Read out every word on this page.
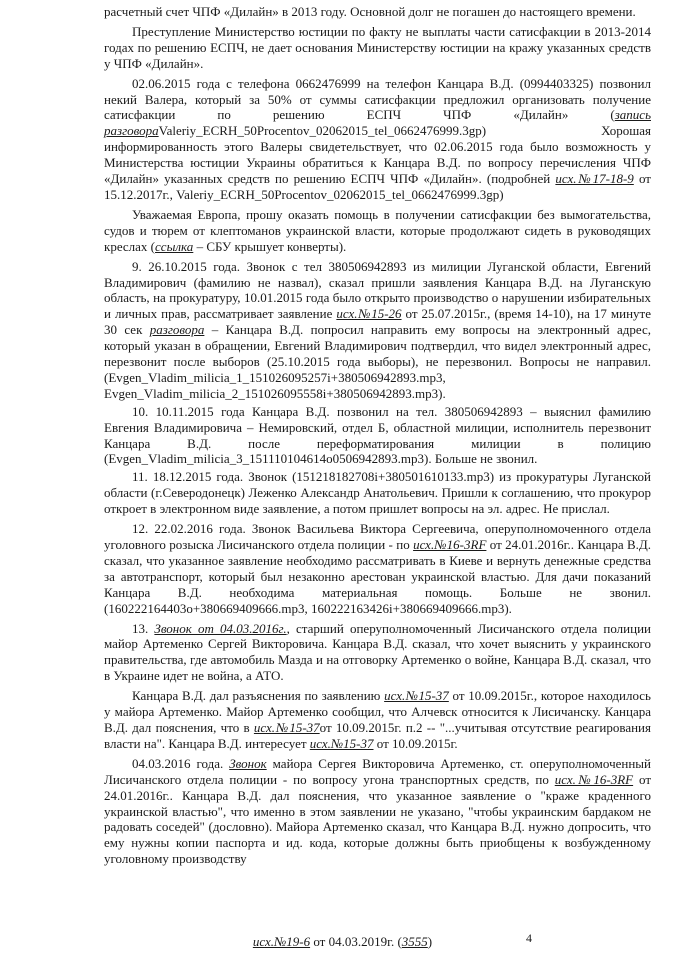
расчетный счет ЧПФ «Дилайн» в 2013 году. Основной долг не погашен до настоящего времени.

Преступление Министерство юстиции по факту не выплаты части сатисфакции в 2013-2014 годах по решению ЕСПЧ, не дает основания Министерству юстиции на кражу указанных средств у ЧПФ «Дилайн».

02.06.2015 года с телефона 0662476999 на телефон Канцара В.Д. (0994403325) позвонил некий Валера, который за 50% от суммы сатисфакции предложил организовать получение сатисфакции по решению ЕСПЧ ЧПФ «Дилайн» (запись разговораValeriy_ECRH_50Procentov_02062015_tel_0662476999.3gp) Хорошая информированность этого Валеры свидетельствует, что 02.06.2015 года было возможность у Министерства юстиции Украины обратиться к Канцара В.Д. по вопросу перечисления ЧПФ «Дилайн» указанных средств по решению ЕСПЧ ЧПФ «Дилайн». (подробней исх.№17-18-9 от 15.12.2017г., Valeriy_ECRH_50Procentov_02062015_tel_0662476999.3gp)

Уважаемая Европа, прошу оказать помощь в получении сатисфакции без вымогательства, судов и тюрем от клептоманов украинской власти, которые продолжают сидеть в руководящих креслах (ссылка – СБУ крышует конверты).

9. 26.10.2015 года. Звонок с тел 380506942893 из милиции Луганской области, Евгений Владимирович (фамилию не назвал), сказал пришли заявления Канцара В.Д. на Луганскую область, на прокуратуру, 10.01.2015 года было открыто производство о нарушении избирательных и личных прав, рассматривает заявление исх.№15-26 от 25.07.2015г., (время 14-10), на 17 минуте 30 сек разговора – Канцара В.Д. попросил направить ему вопросы на электронный адрес, который указан в обращении, Евгений Владимирович подтвердил, что видел электронный адрес, перезвонит после выборов (25.10.2015 года выборы), не перезвонил. Вопросы не направил. (Evgen_Vladim_milicia_1_151026095257i+380506942893.mp3, Evgen_Vladim_milicia_2_151026095558i+380506942893.mp3).

10. 10.11.2015 года Канцара В.Д. позвонил на тел. 380506942893 – выяснил фамилию Евгения Владимировича – Немировский, отдел Б, областной милиции, исполнитель перезвонит Канцара В.Д. после переформатирования милиции в полицию (Evgen_Vladim_milicia_3_151110104614o0506942893.mp3). Больше не звонил.

11. 18.12.2015 года. Звонок (151218182708i+380501610133.mp3) из прокуратуры Луганской области (г.Северодонецк) Леженко Александр Анатольевич. Пришли к соглашению, что прокурор откроет в электронном виде заявление, а потом пришлет вопросы на эл. адрес. Не прислал.

12. 22.02.2016 года. Звонок Васильева Виктора Сергеевича, оперуполномоченного отдела уголовного розыска Лисичанского отдела полиции - по исх.№16-3RF от 24.01.2016г.. Канцара В.Д. сказал, что указанное заявление необходимо рассматривать в Киеве и вернуть денежные средства за автотранспорт, который был незаконно арестован украинской властью. Для дачи показаний Канцара В.Д. необходима материальная помощь. Больше не звонил. (160222164403o+380669409666.mp3, 160222163426i+380669409666.mp3).

13. Звонок от 04.03.2016г., старший оперуполномоченный Лисичанского отдела полиции майор Артеменко Сергей Викторовича. Канцара В.Д. сказал, что хочет выяснить у украинского правительства, где автомобиль Мазда и на отговорку Артеменко о войне, Канцара В.Д. сказал, что в Украине идет не война, а АТО.

Канцара В.Д. дал разъяснения по заявлению исх.№15-37 от 10.09.2015г., которое находилось у майора Артеменко. Майор Артеменко сообщил, что Алчевск относится к Лисичанску. Канцара В.Д. дал пояснения, что в исх.№15-37от 10.09.2015г. п.2 -- "...учитывая отсутствие реагирования власти на". Канцара В.Д. интересует исх.№15-37 от 10.09.2015г.

04.03.2016 года. Звонок майора Сергея Викторовича Артеменко, ст. оперуполномоченный Лисичанского отдела полиции - по вопросу угона транспортных средств, по исх.№16-3RF от 24.01.2016г.. Канцара В.Д. дал пояснения, что указанное заявление о "краже краденного украинской властью", что именно в этом заявлении не указано, "чтобы украинским бардаком не радовать соседей" (дословно). Майора Артеменко сказал, что Канцара В.Д. нужно допросить, что ему нужны копии паспорта и ид. кода, которые должны быть приобщены к возбужденному уголовному производству

исх.№19-6 от 04.03.2019г. (3555)	4
